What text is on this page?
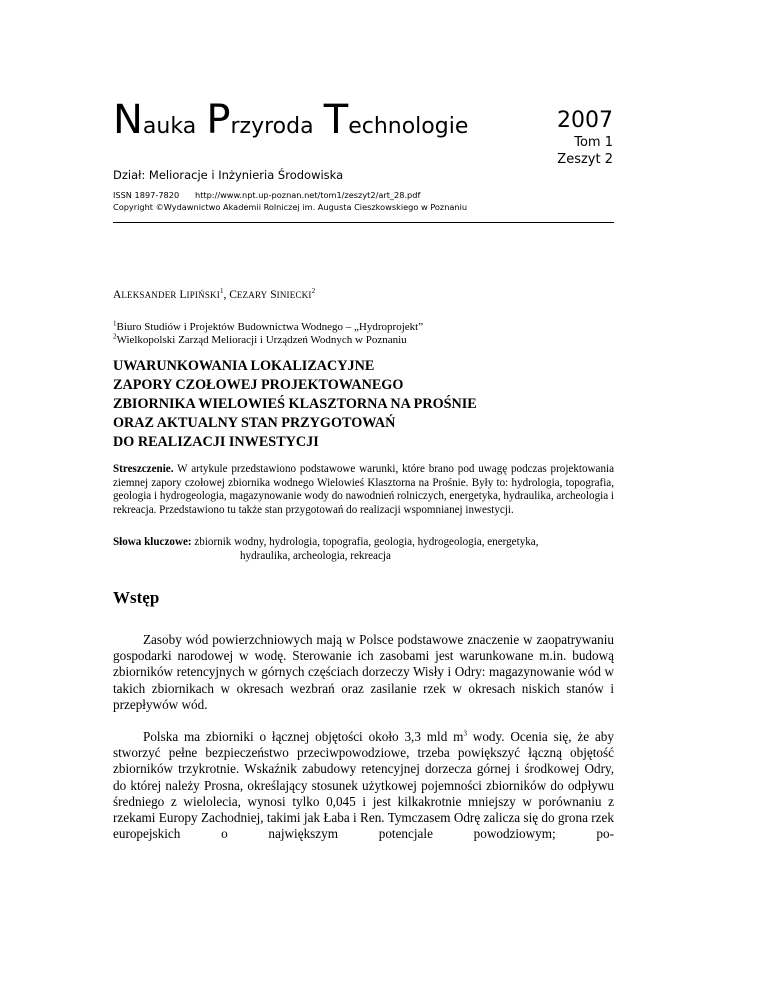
Nauka Przyroda Technologie	2007
Tom 1
Zeszyt 2
Dział: Melioracje i Inżynieria Środowiska
ISSN 1897-7820 http://www.npt.up-poznan.net/tom1/zeszyt2/art_28.pdf
Copyright ©Wydawnictwo Akademii Rolniczej im. Augusta Cieszkowskiego w Poznaniu
ALEKSANDER LIPIŃSKI$^1$, CEZARY SINIECKI$^2$
$^1$Biuro Studiów i Projektów Budownictwa Wodnego – „Hydroprojekt”
$^2$Wielkopolski Zarząd Melioracji i Urządzeń Wodnych w Poznaniu
UWARUNKOWANIA LOKALIZACYJNE
ZAPORY CZOŁOWEJ PROJEKTOWANEGO
ZBIORNIKA WIELOWIEŚ KLASZTORNA NA PROŚNIE
ORAZ AKTUALNY STAN PRZYGOTOWAŃ
DO REALIZACJI INWESTYCJI
Streszczenie. W artykule przedstawiono podstawowe warunki, które brano pod uwagę podczas projektowania ziemnej zapory czołowej zbiornika wodnego Wielowieś Klasztorna na Prośnie. Były to: hydrologia, topografia, geologia i hydrogeologia, magazynowanie wody do nawodnień rolniczych, energetyka, hydraulika, archeologia i rekreacja. Przedstawiono tu także stan przygotowań do realizacji wspomnianej inwestycji.
Słowa kluczowe: zbiornik wodny, hydrologia, topografia, geologia, hydrogeologia, energetyka,
hydraulika, archeologia, rekreacja
Wstęp
Zasoby wód powierzchniowych mają w Polsce podstawowe znaczenie w zaopatrywaniu gospodarki narodowej w wodę. Sterowanie ich zasobami jest warunkowane m.in. budową zbiorników retencyjnych w górnych częściach dorzeczy Wisły i Odry: magazynowanie wód w takich zbiornikach w okresach wezbrań oraz zasilanie rzek w okresach niskich stanów i przepływów wód.
Polska ma zbiorniki o łącznej objętości około 3,3 mld $m^3$ wody. Ocenia się, że aby stworzyć pełne bezpieczeństwo przeciwpowodziowe, trzeba powiększyć łączną objętość zbiorników trzykrotnie. Wskaźnik zabudowy retencyjnej dorzecza górnej i środkowej Odry, do której należy Prosna, określający stosunek użytkowej pojemności zbiorników do odpływu średniego z wielolecia, wynosi tylko 0,045 i jest kilkakrotnie mniejszy w porównaniu z rzekami Europy Zachodniej, takimi jak Łaba i Ren. Tymczasem Odrę zalicza się do grona rzek europejskich o największym potencjale powodziowym; po-
